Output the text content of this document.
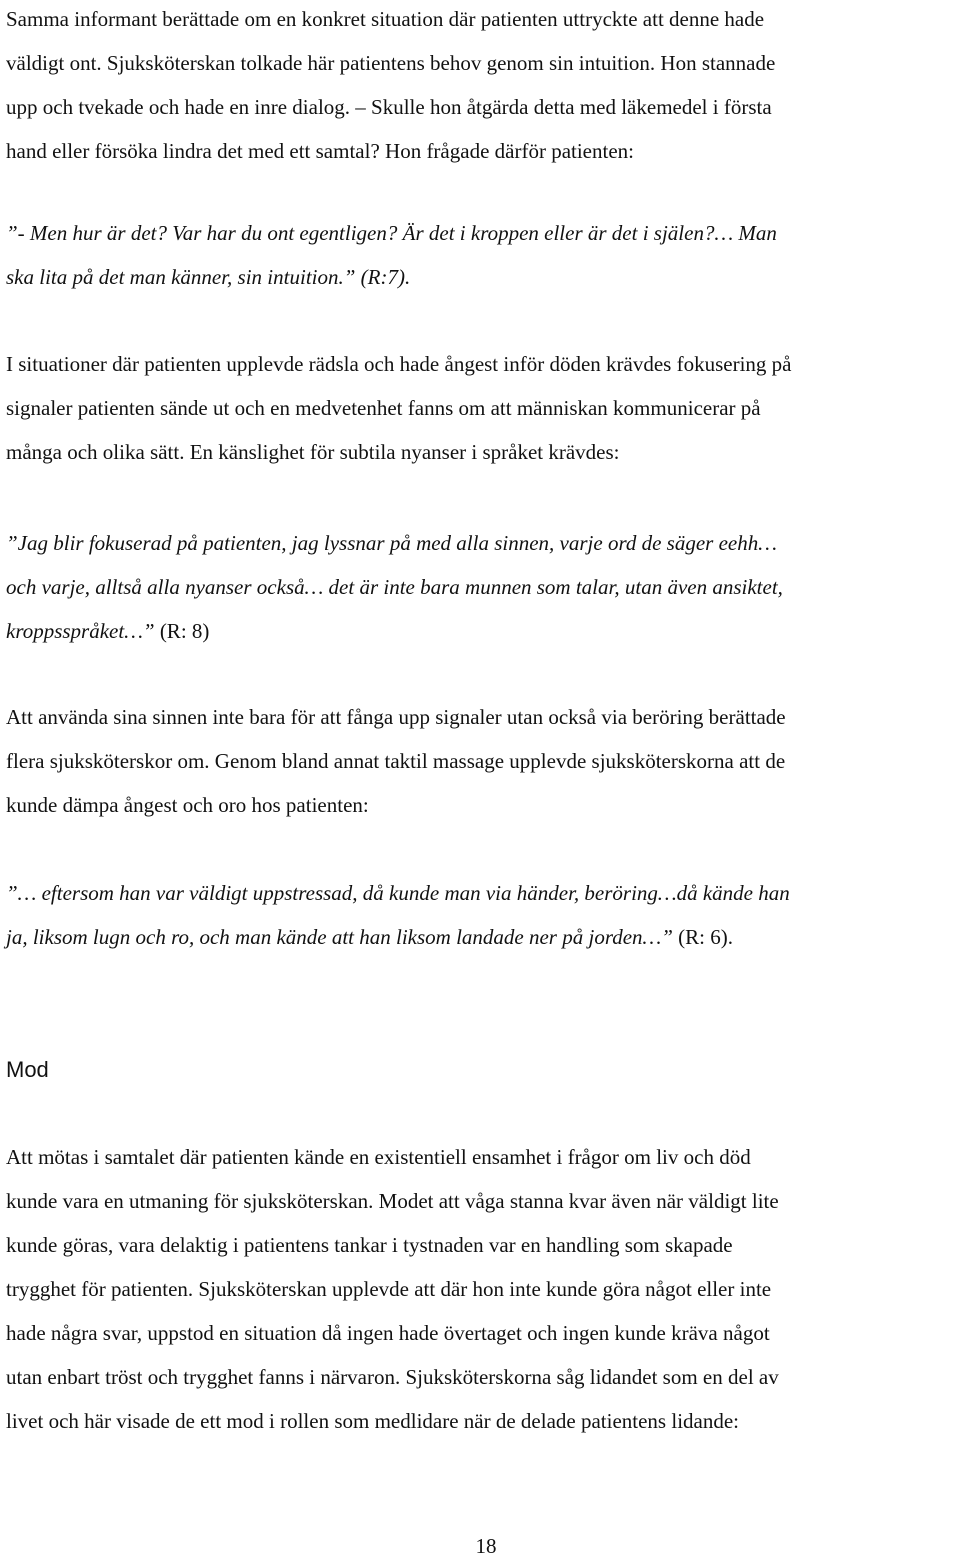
Samma informant berättade om en konkret situation där patienten uttryckte att denne hade
väldigt ont. Sjuksköterskan tolkade här patientens behov genom sin intuition. Hon stannade
upp och tvekade och hade en inre dialog. – Skulle hon åtgärda detta med läkemedel i första
hand eller försöka lindra det med ett samtal? Hon frågade därför patienten:
”- Men hur är det? Var har du ont egentligen? Är det i kroppen eller är det i själen?… Man
ska lita på det man känner, sin intuition.” (R:7).
I situationer där patienten upplevde rädsla och hade ångest inför döden krävdes fokusering på
signaler patienten sände ut och en medvetenhet fanns om att människan kommunicerar på
många och olika sätt. En känslighet för subtila nyanser i språket krävdes:
”Jag blir fokuserad på patienten, jag lyssnar på med alla sinnen, varje ord de säger eehh…
och varje, alltså alla nyanser också… det är inte bara munnen som talar, utan även ansiktet,
kroppsspråket…” (R: 8)
Att använda sina sinnen inte bara för att fånga upp signaler utan också via beröring berättade
flera sjuksköterskor om. Genom bland annat taktil massage upplevde sjuksköterskorna att de
kunde dämpa ångest och oro hos patienten:
”… eftersom han var väldigt uppstressad, då kunde man via händer, beröring…då kände han
ja, liksom lugn och ro, och man kände att han liksom landade ner på jorden…” (R: 6).
Mod
Att mötas i samtalet där patienten kände en existentiell ensamhet i frågor om liv och död
kunde vara en utmaning för sjuksköterskan. Modet att våga stanna kvar även när väldigt lite
kunde göras, vara delaktig i patientens tankar i tystnaden var en handling som skapade
trygghet för patienten. Sjuksköterskan upplevde att där hon inte kunde göra något eller inte
hade några svar, uppstod en situation då ingen hade övertaget och ingen kunde kräva något
utan enbart tröst och trygghet fanns i närvaron. Sjuksköterskorna såg lidandet som en del av
livet och här visade de ett mod i rollen som medlidare när de delade patientens lidande:
18
